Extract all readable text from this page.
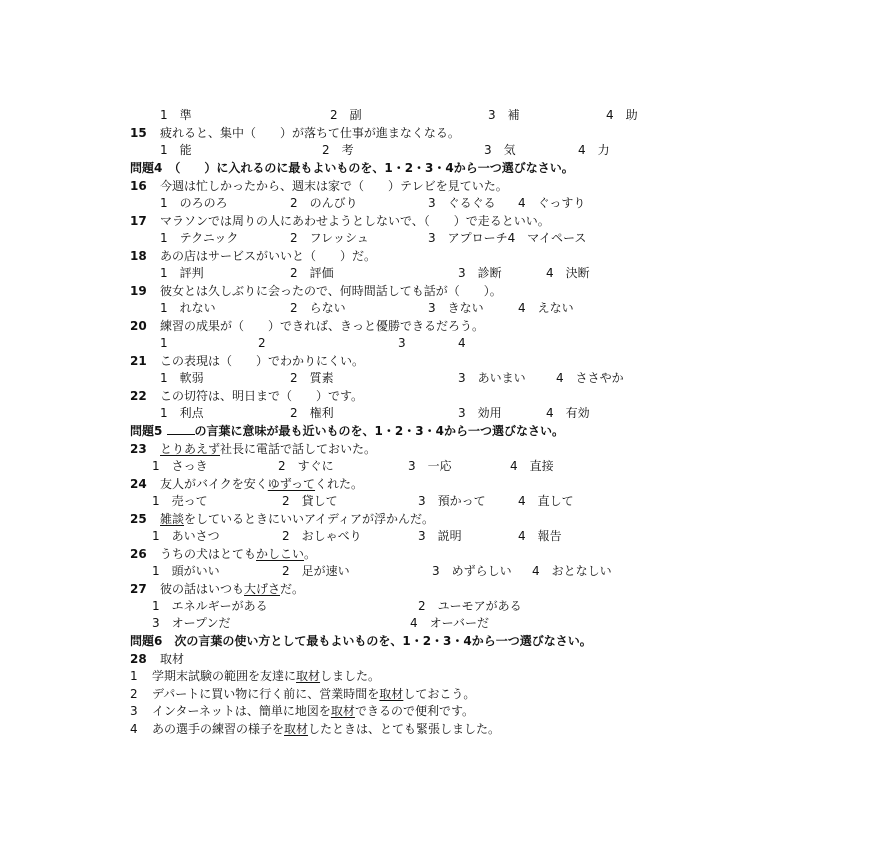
1　準	2　副	3　補	4　助
15 疲れると、集中（　　）が落ちて仕事が進まなくなる。
1　能	2　考	3　気	4　力
問題4　（　　）に入れるのに最もよいものを、1・2・3・4から一つ選びなさい。
16 今週は忙しかったから、週末は家で（　　）テレビを見ていた。
1　のろのろ	2　のんびり	3　ぐるぐる 4　ぐっすり
17 マラソンでは周りの人にあわせようとしないで、（　　）で走るといい。
1　テクニック	2　フレッシュ	3　アプローチ4　マイペース
18 あの店はサービスがいいと（　　）だ。
1　評判	2　評価	3　診断	4　決断
19 彼女とは久しぶりに会ったので、何時間話しても話が（　　）。
1　れない	2　らない	3　きない	4　えない
20 練習の成果が（　　）できれば、きっと優勝できるだろう。
1	2	3	4
21 この表現は（　　）でわかりにくい。
1　軟弱	2　質素	3　あいまい	4　ささやか
22 この切符は、明日まで（　　）です。
1　利点	2　権利	3　効用	4　有効
問題5	の言葉に意味が最も近いものを、1・2・3・4から一つ選びなさい。
23 とりあえず社長に電話で話しておいた。
1　さっき	2　すぐに	3　一応	4　直接
24 友人がバイクを安くゆずってくれた。
1　売って	2　貸して	3　預かって	4　直して
25 雑談をしているときにいいアイディアが浮かんだ。
1　あいさつ	2　おしゃべり	3　説明	4　報告
26 うちの犬はとてもかしこい。
1　頭がいい	2　足が速い	3　めずらしい 4　おとなしい
27 彼の話はいつも大げさだ。
1　エネルギーがある	2　ユーモアがある
3　オープンだ	4　オーバーだ
問題6　次の言葉の使い方として最もよいものを、1・2・3・4から一つ選びなさい。
28 取材
1 学期末試験の範囲を友達に取材しました。
2 デパートに買い物に行く前に、営業時間を取材しておこう。
3 インターネットは、簡単に地図を取材できるので便利です。
4 あの選手の練習の様子を取材したときは、とても緊張しました。
